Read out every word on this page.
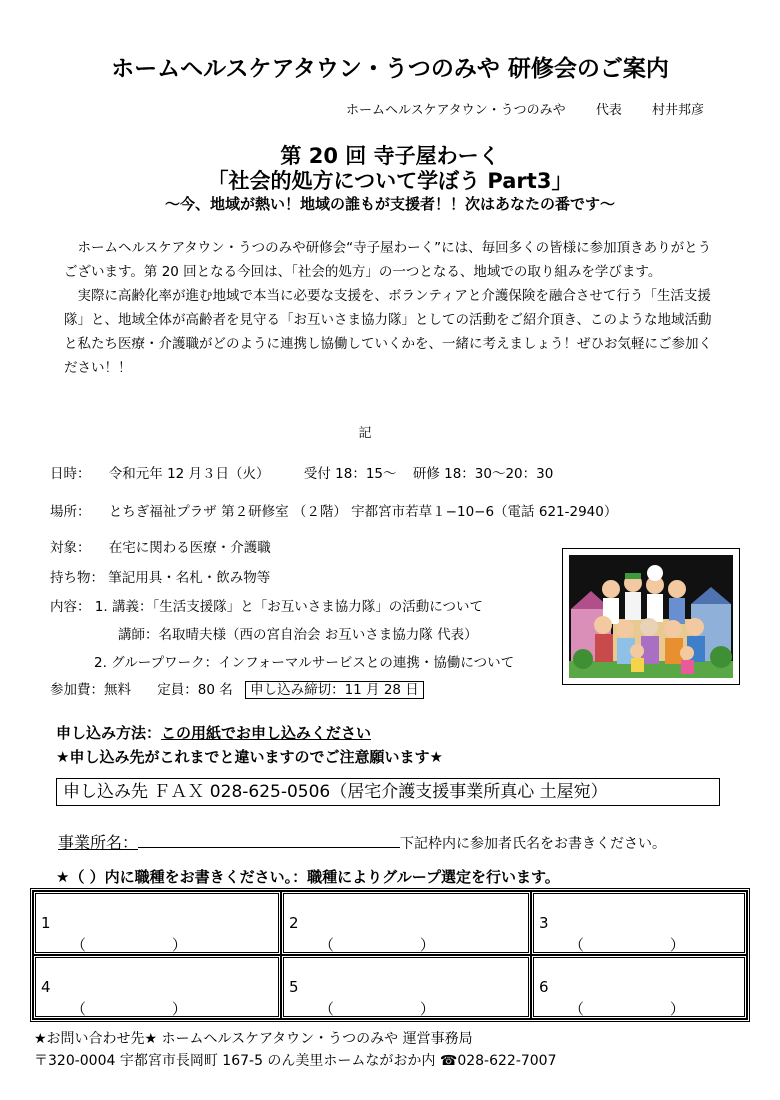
ホームヘルスケアタウン・うつのみや 研修会のご案内
ホームヘルスケアタウン・うつのみや 代表 村井邦彦
第 20 回 寺子屋わーく
「社会的処方について学ぼう Part3」
～今、地域が熱い！地域の誰もが支援者！！次はあなたの番です～

ホームヘルスケアタウン・うつのみや研修会“寺子屋わーく”には、毎回多くの皆様に参加頂きありがとうございます。第 20 回となる今回は、「社会的処方」の一つとなる、地域での取り組みを学びます。

実際に高齢化率が進む地域で本当に必要な支援を、ボランティアと介護保険を融合させて行う「生活支援隊」と、地域全体が高齢者を見守る「お互いさま協力隊」としての活動をご紹介頂き、このような地域活動と私たち医療・介護職がどのように連携し協働していくかを、一緒に考えましょう！ぜひお気軽にご参加ください！！

記
日時： 令和元年 12 月３日（火）	受付 18：15～ 研修 18：30～20：30
場所： とちぎ福祉プラザ 第２研修室 （２階） 宇都宮市若草１−10−6（電話 621-2940）
対象： 在宅に関わる医療・介護職
持ち物： 筆記用具・名札・飲み物等
内容： 1. 講義：「生活支援隊」と「お互いさま協力隊」の活動について
講師：名取晴夫様（西の宮自治会 お互いさま協力隊 代表）
2. グループワーク：インフォーマルサービスとの連携・協働について
参加費：無料 定員：80 名 申し込み締切：11 月 28 日
申し込み方法：この用紙でお申し込みください
★申し込み先がこれまでと違いますのでご注意願います★
申し込み先 ＦＡＸ 028-625-0506（居宅介護支援事業所真心 土屋宛）
事業所名：	下記枠内に参加者氏名をお書きください。
★（ ）内に職種をお書きください。：職種によりグループ選定を行います。
1
（                  ）
2
（                  ）
3
（                  ）
4
（                  ）
5
（                  ）
6
（                  ）
★お問い合わせ先★ ホームヘルスケアタウン・うつのみや 運営事務局
〒320-0004 宇都宮市長岡町 167-5 のん美里ホームながおか内 ☎028-622-7007
